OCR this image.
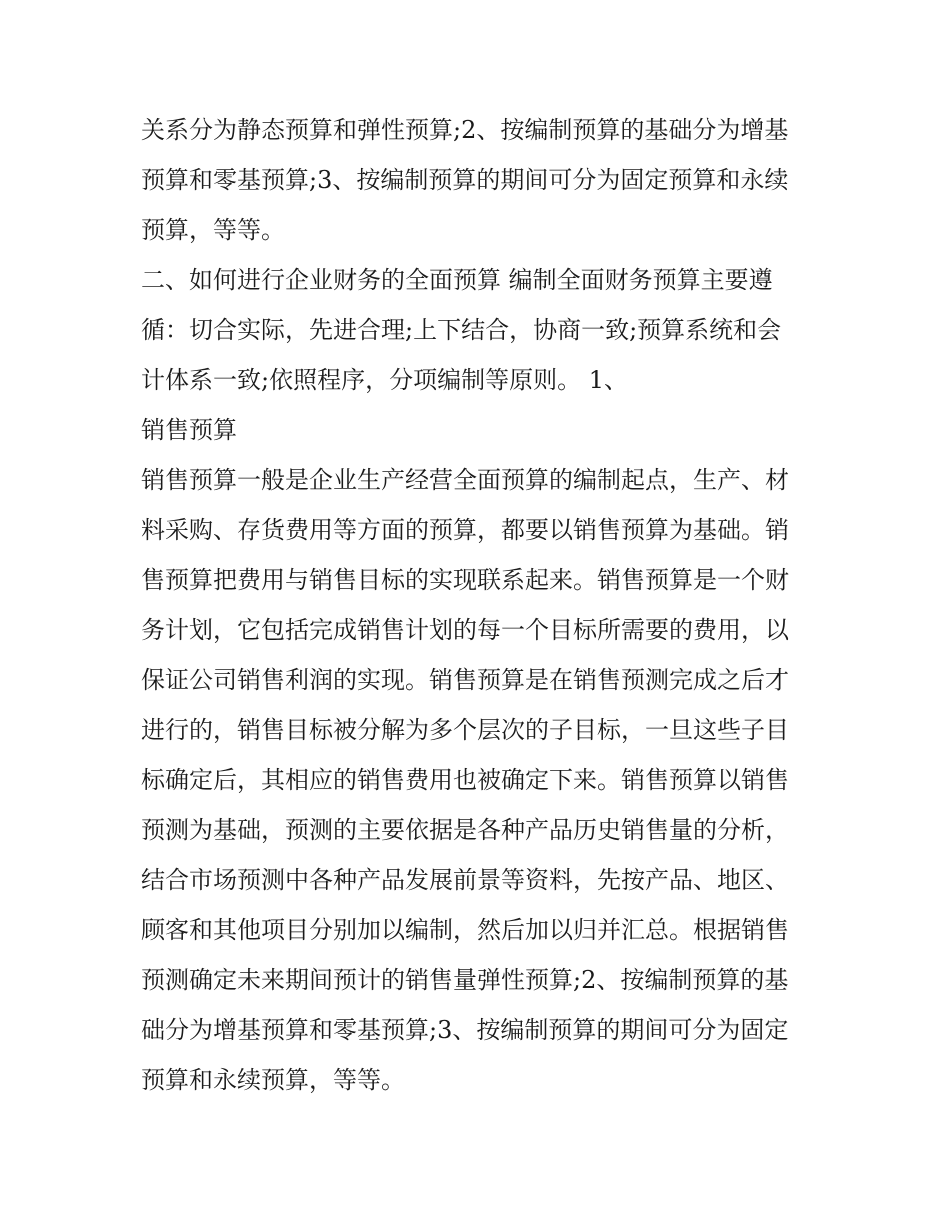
关系分为静态预算和弹性预算;2、按编制预算的基础分为增基

预算和零基预算;3、按编制预算的期间可分为固定预算和永续

预算，等等。

二、如何进行企业财务的全面预算 编制全面财务预算主要遵

循：切合实际，先进合理;上下结合，协商一致;预算系统和会

计体系一致;依照程序，分项编制等原则。 1、

销售预算

销售预算一般是企业生产经营全面预算的编制起点，生产、材

料采购、存货费用等方面的预算，都要以销售预算为基础。销

售预算把费用与销售目标的实现联系起来。销售预算是一个财

务计划，它包括完成销售计划的每一个目标所需要的费用，以

保证公司销售利润的实现。销售预算是在销售预测完成之后才

进行的，销售目标被分解为多个层次的子目标，一旦这些子目

标确定后，其相应的销售费用也被确定下来。销售预算以销售

预测为基础，预测的主要依据是各种产品历史销售量的分析，

结合市场预测中各种产品发展前景等资料，先按产品、地区、

顾客和其他项目分别加以编制，然后加以归并汇总。根据销售

预测确定未来期间预计的销售量弹性预算;2、按编制预算的基

础分为增基预算和零基预算;3、按编制预算的期间可分为固定

预算和永续预算，等等。
